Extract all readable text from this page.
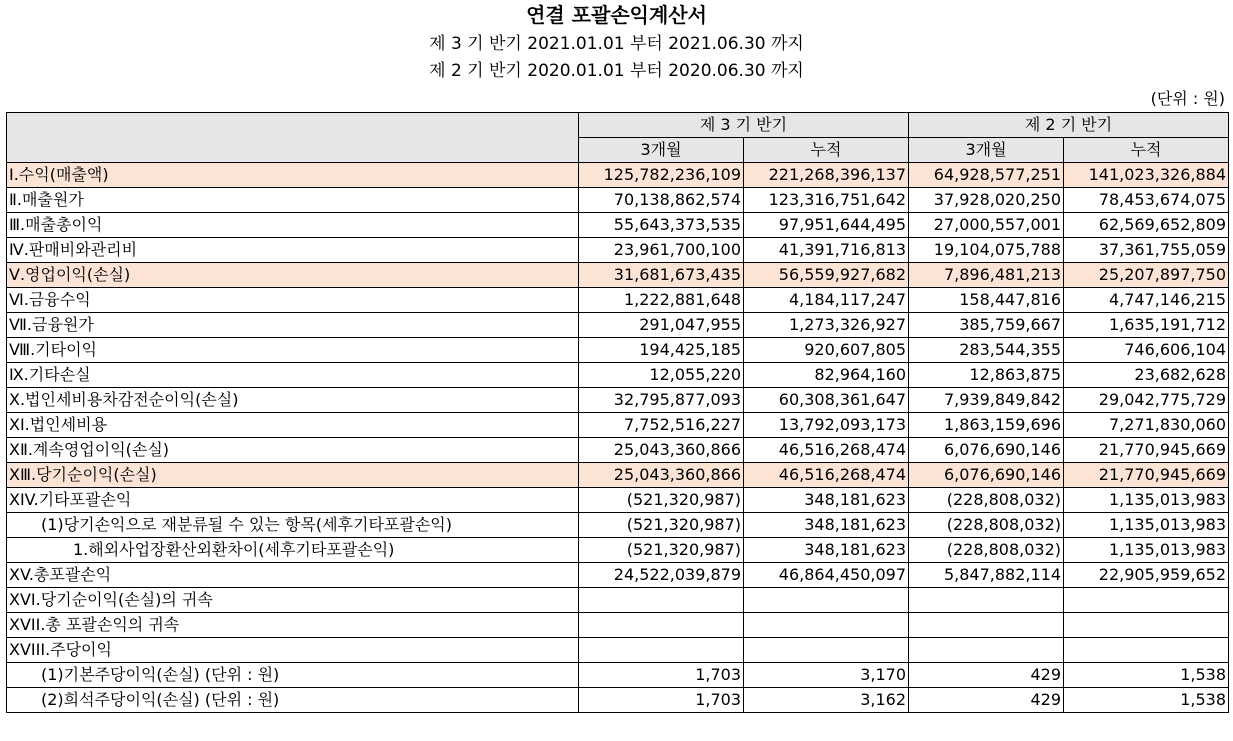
연결 포괄손익계산서
제 3 기 반기 2021.01.01 부터 2021.06.30 까지
제 2 기 반기 2020.01.01 부터 2020.06.30 까지
(단위 : 원)
	제 3 기 반기		제 2 기 반기	
	3개월	누적	3개월	누적
Ⅰ.수익(매출액)	125,782,236,109	221,268,396,137	64,928,577,251	141,023,326,884
Ⅱ.매출원가	70,138,862,574	123,316,751,642	37,928,020,250	78,453,674,075
Ⅲ.매출총이익	55,643,373,535	97,951,644,495	27,000,557,001	62,569,652,809
Ⅳ.판매비와관리비	23,961,700,100	41,391,716,813	19,104,075,788	37,361,755,059
Ⅴ.영업이익(손실)	31,681,673,435	56,559,927,682	7,896,481,213	25,207,897,750
Ⅵ.금융수익	1,222,881,648	4,184,117,247	158,447,816	4,747,146,215
Ⅶ.금융원가	291,047,955	1,273,326,927	385,759,667	1,635,191,712
Ⅷ.기타이익	194,425,185	920,607,805	283,544,355	746,606,104
Ⅸ.기타손실	12,055,220	82,964,160	12,863,875	23,682,628
Ⅹ.법인세비용차감전순이익(손실)	32,795,877,093	60,308,361,647	7,939,849,842	29,042,775,729
XI.법인세비용	7,752,516,227	13,792,093,173	1,863,159,696	7,271,830,060
XⅡ.계속영업이익(손실)	25,043,360,866	46,516,268,474	6,076,690,146	21,770,945,669
XⅢ.당기순이익(손실)	25,043,360,866	46,516,268,474	6,076,690,146	21,770,945,669
XIV.기타포괄손익	(521,320,987)	348,181,623	(228,808,032)	1,135,013,983
(1)당기손익으로 재분류될 수 있는 항목(세후기타포괄손익)	(521,320,987)	348,181,623	(228,808,032)	1,135,013,983
1.해외사업장환산외환차이(세후기타포괄손익)	(521,320,987)	348,181,623	(228,808,032)	1,135,013,983
XV.총포괄손익	24,522,039,879	46,864,450,097	5,847,882,114	22,905,959,652
XVI.당기순이익(손실)의 귀속				
XVII.총 포괄손익의 귀속				
XVIII.주당이익				
(1)기본주당이익(손실) (단위 : 원)	1,703	3,170	429	1,538
(2)희석주당이익(손실) (단위 : 원)	1,703	3,162	429	1,538
